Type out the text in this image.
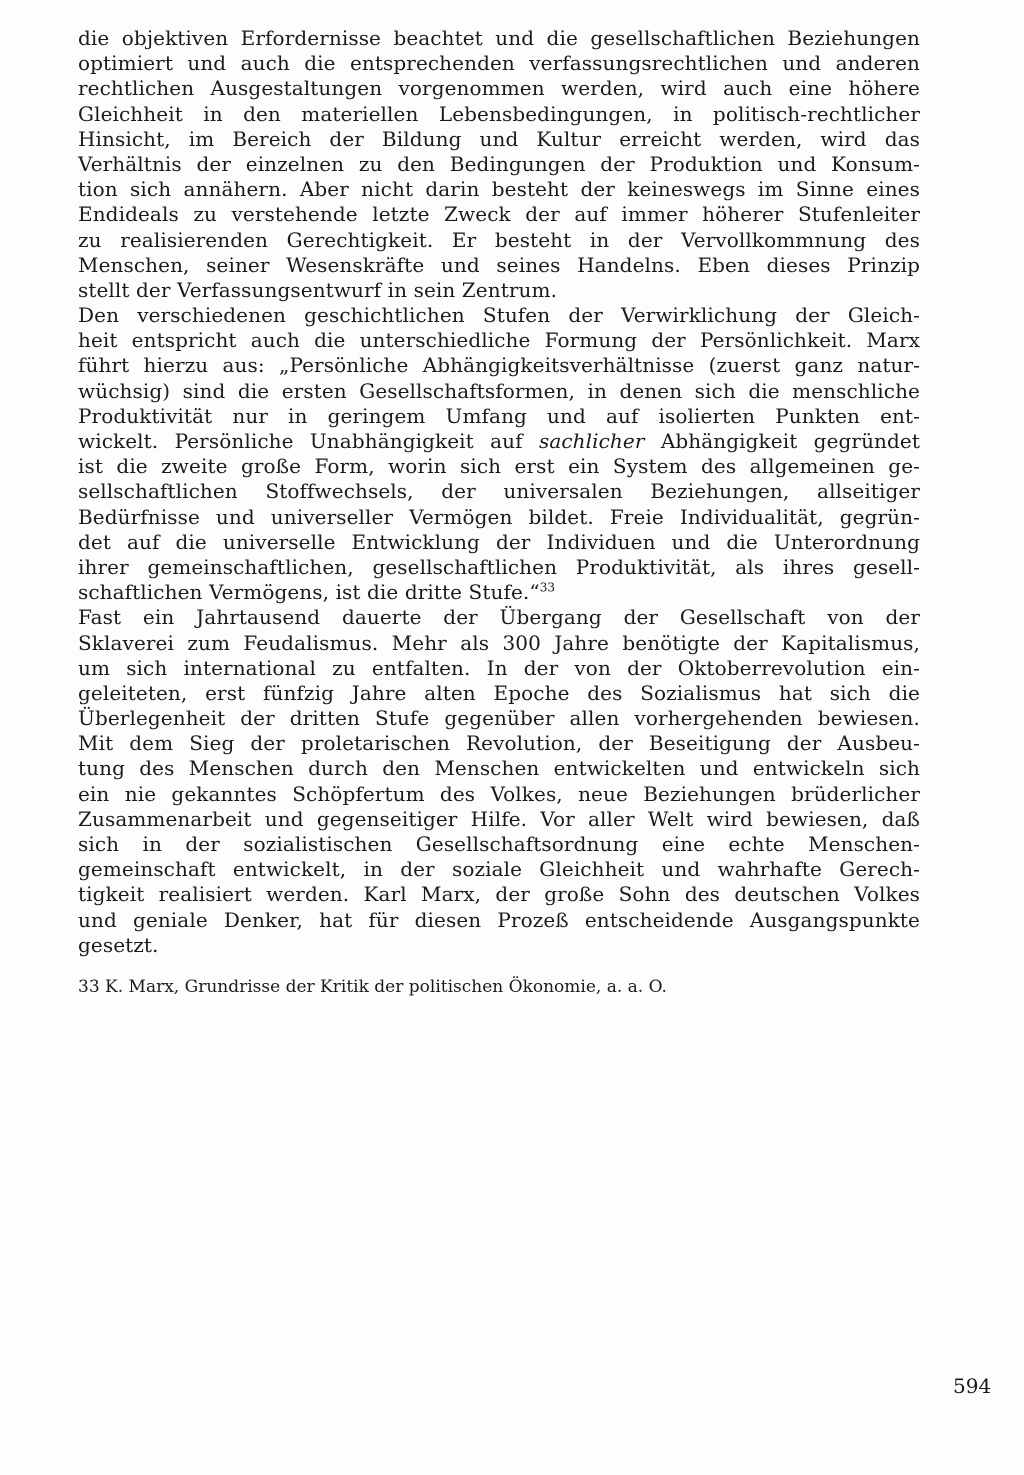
die objektiven Erfordernisse beachtet und die gesellschaftlichen Beziehungen
optimiert und auch die entsprechenden verfassungsrechtlichen und anderen
rechtlichen Ausgestaltungen vorgenommen werden, wird auch eine höhere
Gleichheit in den materiellen Lebensbedingungen, in politisch-rechtlicher
Hinsicht, im Bereich der Bildung und Kultur erreicht werden, wird das
Verhältnis der einzelnen zu den Bedingungen der Produktion und Konsum-
tion sich annähern. Aber nicht darin besteht der keineswegs im Sinne eines
Endideals zu verstehende letzte Zweck der auf immer höherer Stufenleiter
zu realisierenden Gerechtigkeit. Er besteht in der Vervollkommnung des
Menschen, seiner Wesenskräfte und seines Handelns. Eben dieses Prinzip
stellt der Verfassungsentwurf in sein Zentrum.
Den verschiedenen geschichtlichen Stufen der Verwirklichung der Gleich-
heit entspricht auch die unterschiedliche Formung der Persönlichkeit. Marx
führt hierzu aus: „Persönliche Abhängigkeitsverhältnisse (zuerst ganz natur-
wüchsig) sind die ersten Gesellschaftsformen, in denen sich die menschliche
Produktivität nur in geringem Umfang und auf isolierten Punkten ent-
wickelt. Persönliche Unabhängigkeit auf sachlicher Abhängigkeit gegründet
ist die zweite große Form, worin sich erst ein System des allgemeinen ge-
sellschaftlichen Stoffwechsels, der universalen Beziehungen, allseitiger
Bedürfnisse und universeller Vermögen bildet. Freie Individualität, gegrün-
det auf die universelle Entwicklung der Individuen und die Unterordnung
ihrer gemeinschaftlichen, gesellschaftlichen Produktivität, als ihres gesell-
schaftlichen Vermögens, ist die dritte Stufe.“$^{33}$
Fast ein Jahrtausend dauerte der Übergang der Gesellschaft von der
Sklaverei zum Feudalismus. Mehr als 300 Jahre benötigte der Kapitalismus,
um sich international zu entfalten. In der von der Oktoberrevolution ein-
geleiteten, erst fünfzig Jahre alten Epoche des Sozialismus hat sich die
Überlegenheit der dritten Stufe gegenüber allen vorhergehenden bewiesen.
Mit dem Sieg der proletarischen Revolution, der Beseitigung der Ausbeu-
tung des Menschen durch den Menschen entwickelten und entwickeln sich
ein nie gekanntes Schöpfertum des Volkes, neue Beziehungen brüderlicher
Zusammenarbeit und gegenseitiger Hilfe. Vor aller Welt wird bewiesen, daß
sich in der sozialistischen Gesellschaftsordnung eine echte Menschen-
gemeinschaft entwickelt, in der soziale Gleichheit und wahrhafte Gerech-
tigkeit realisiert werden. Karl Marx, der große Sohn des deutschen Volkes
und geniale Denker, hat für diesen Prozeß entscheidende Ausgangspunkte
gesetzt.
33 K. Marx, Grundrisse der Kritik der politischen Ökonomie, a. a. O.
594
